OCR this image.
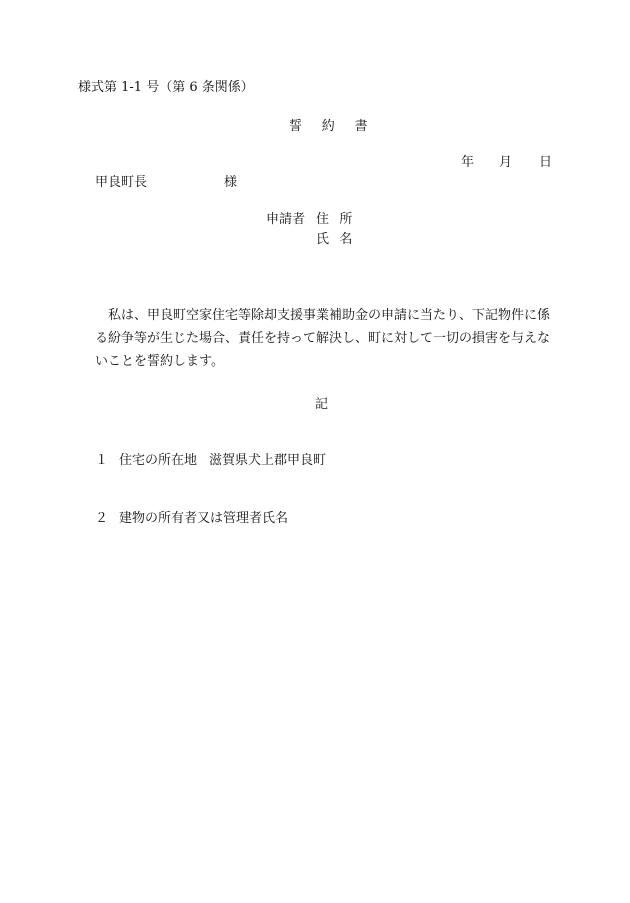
様式第 1-1 号（第 6 条関係）
誓 約 書
年 月 日
甲良町長	様
申請者 住所
氏名
私は、甲良町空家住宅等除却支援事業補助金の申請に当たり、下記物件に係る紛争等が生じた場合、責任を持って解決し、町に対して一切の損害を与えないことを誓約します。
記
１ 住宅の所在地 滋賀県犬上郡甲良町
２ 建物の所有者又は管理者氏名
